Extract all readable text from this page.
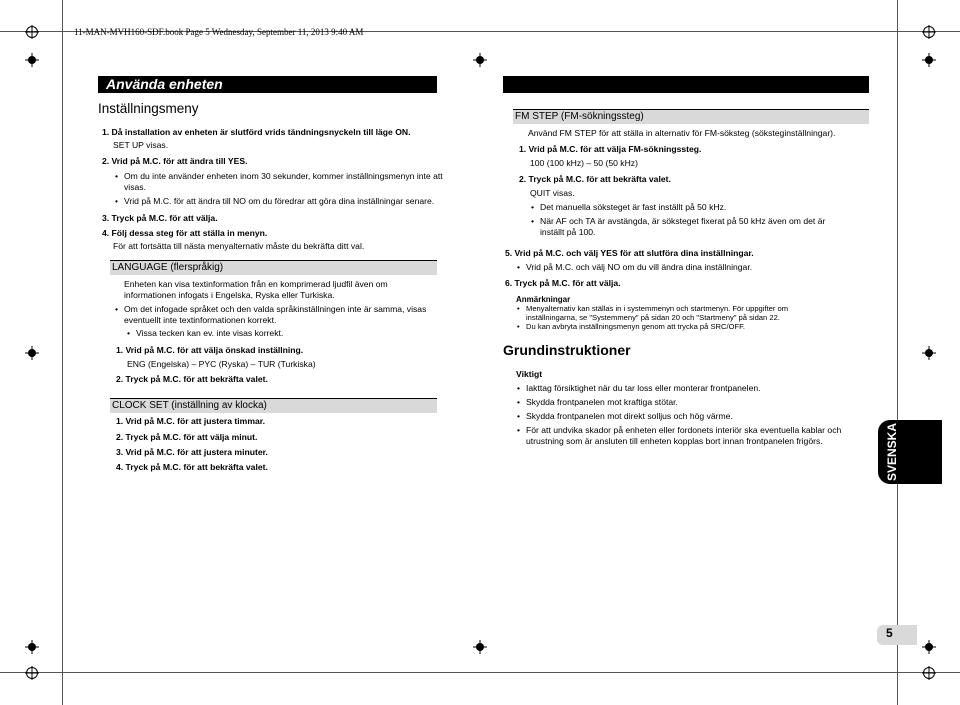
11-MAN-MVH160-SDF.book Page 5 Wednesday, September 11, 2013 9:40 AM
Använda enheten
Inställningsmeny
1. Då installation av enheten är slutförd vrids tändningsnyckeln till läge ON.
SET UP visas.
2. Vrid på M.C. för att ändra till YES.
• Om du inte använder enheten inom 30 sekunder, kommer inställningsmenyn inte att
visas.
• Vrid på M.C. för att ändra till NO om du föredrar att göra dina inställningar senare.
3. Tryck på M.C. för att välja.
4. Följ dessa steg för att ställa in menyn.
För att fortsätta till nästa menyalternativ måste du bekräfta ditt val.
LANGUAGE (flerspråkig)
Enheten kan visa textinformation från en komprimerad ljudfil även om
informationen infogats i Engelska, Ryska eller Turkiska.
• Om det infogade språket och den valda språkinställningen inte är samma, visas
eventuellt inte textinformationen korrekt.
• Vissa tecken kan ev. inte visas korrekt.
1. Vrid på M.C. för att välja önskad inställning.
ENG (Engelska) – PYC (Ryska) – TUR (Turkiska)
2. Tryck på M.C. för att bekräfta valet.
CLOCK SET (inställning av klocka)
1. Vrid på M.C. för att justera timmar.
2. Tryck på M.C. för att välja minut.
3. Vrid på M.C. för att justera minuter.
4. Tryck på M.C. för att bekräfta valet.
FM STEP (FM-sökningssteg)
Använd FM STEP för att ställa in alternativ för FM-söksteg (söksteginställningar).
1. Vrid på M.C. för att välja FM-sökningssteg.
100 (100 kHz) – 50 (50 kHz)
2. Tryck på M.C. för att bekräfta valet.
QUIT visas.
• Det manuella söksteget är fast inställt på 50 kHz.
• När AF och TA är avstängda, är söksteget fixerat på 50 kHz även om det är
inställt på 100.
5. Vrid på M.C. och välj YES för att slutföra dina inställningar.
• Vrid på M.C. och välj NO om du vill ändra dina inställningar.
6. Tryck på M.C. för att välja.
Anmärkningar
• Menyalternativ kan ställas in i systemmenyn och startmenyn. För uppgifter om
inställningarna, se "Systemmeny" på sidan 20 och "Startmeny" på sidan 22.
• Du kan avbryta inställningsmenyn genom att trycka på SRC/OFF.
Grundinstruktioner
Viktigt
• Iakttag försiktighet när du tar loss eller monterar frontpanelen.
• Skydda frontpanelen mot kraftiga stötar.
• Skydda frontpanelen mot direkt solljus och hög värme.
• För att undvika skador på enheten eller fordonets interiör ska eventuella kablar och
utrustning som är ansluten till enheten kopplas bort innan frontpanelen frigörs.	SVENSKA
5
